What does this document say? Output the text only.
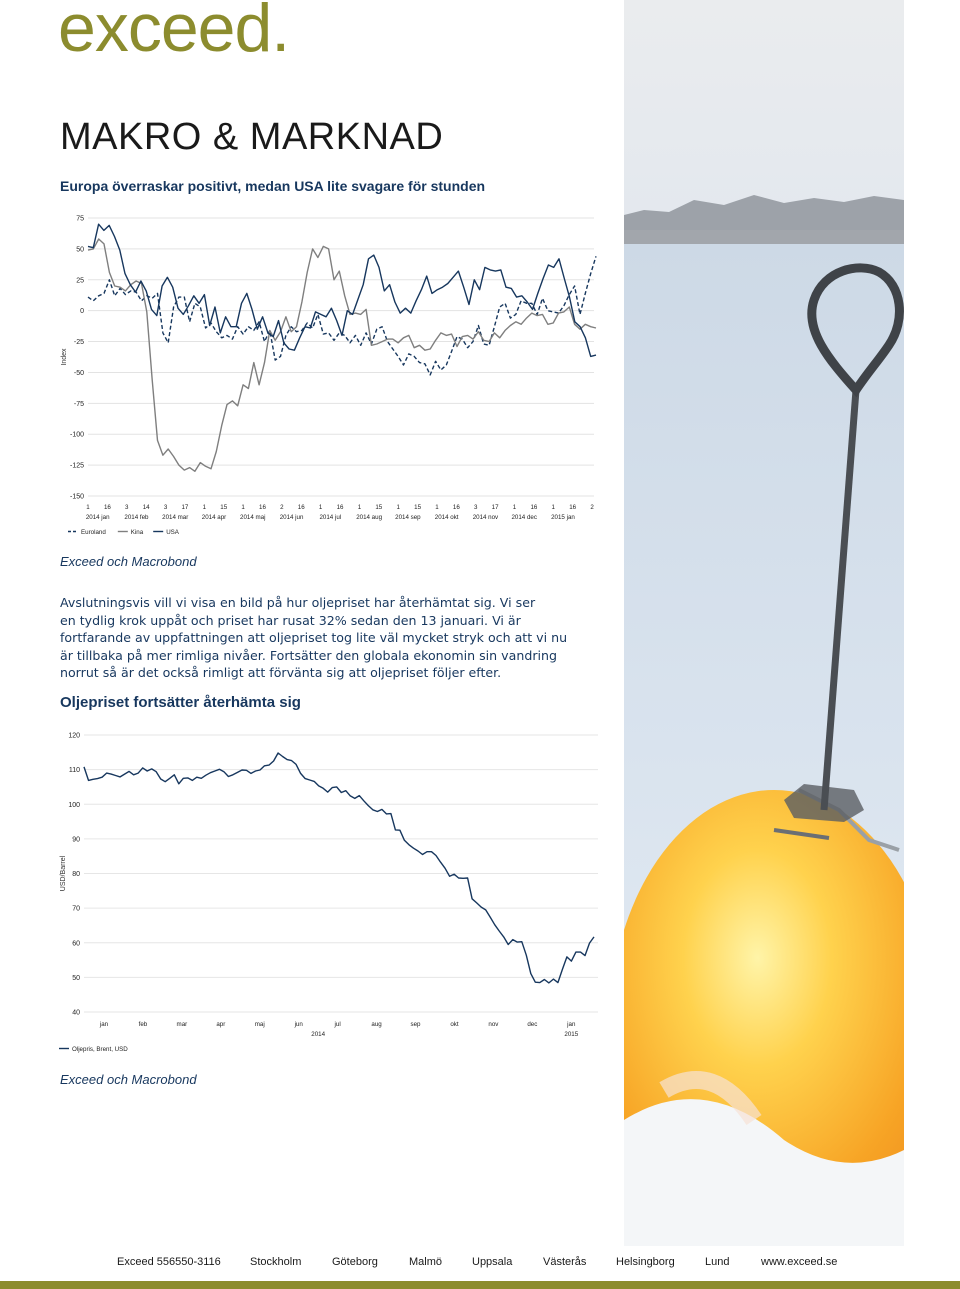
exceed.
MAKRO & MARKNAD
Europa överraskar positivt, medan USA lite svagare för stunden
Index
75
50
25
0
-25
-50
-75
-100
-125
-150
1 16 3 14 3 17 1 15 1 16 2 16 1 16 1 15 1 15 1 16 3 17 1 16 1 16 2
2014 jan 2014 feb 2014 mar 2014 apr 2014 maj 2014 jun	2014 jul 2014 aug 2014 sep 2014 okt 2014 nov 2014 dec 2015 jan
Euroland	Kina	USA
Exceed och Macrobond
Avslutningsvis vill vi visa en bild på hur oljepriset har återhämtat sig. Vi ser
en tydlig krok uppåt och priset har rusat 32% sedan den 13 januari. Vi är
fortfarande av uppfattningen att oljepriset tog lite väl mycket stryk och att vi nu
är tillbaka på mer rimliga nivåer. Fortsätter den globala ekonomin sin vandring
norrut så är det också rimligt att förvänta sig att oljepriset följer efter.
Oljepriset fortsätter återhämta sig
USD/Barrel
120
110
100
90
80
70
60
50
40
jan	feb	mar	apr	maj	jun	jul	aug	sep	okt	nov	dec	jan
2014	2015
Oljepris, Brent, USD
Exceed och Macrobond
Exceed 556550-3116	Stockholm	Göteborg	Malmö	Uppsala	Västerås	Helsingborg	Lund	www.exceed.se
